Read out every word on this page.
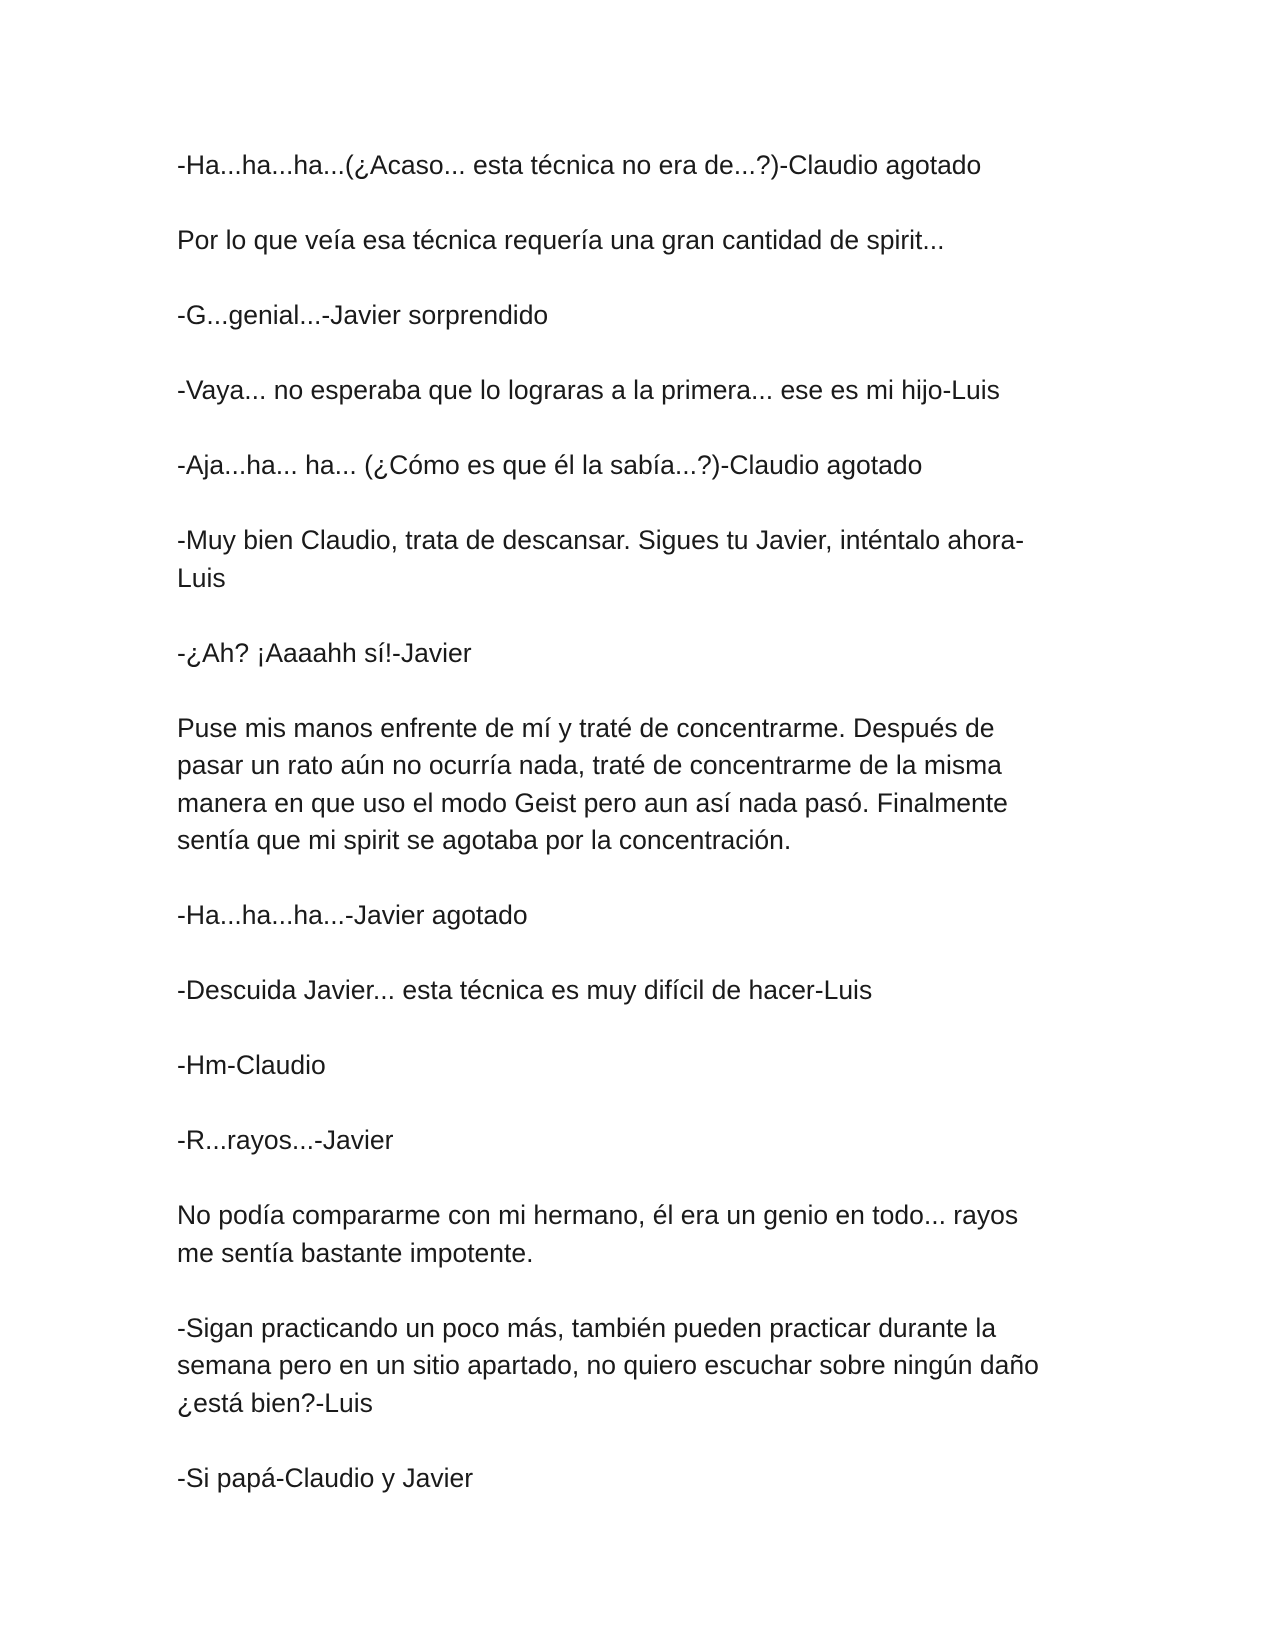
-Ha...ha...ha...(¿Acaso... esta técnica no era de...?)-Claudio agotado

Por lo que veía esa técnica requería una gran cantidad de spirit...

-G...genial...-Javier sorprendido

-Vaya... no esperaba que lo lograras a la primera... ese es mi hijo-Luis

-Aja...ha... ha... (¿Cómo es que él la sabía...?)-Claudio agotado

-Muy bien Claudio, trata de descansar. Sigues tu Javier, inténtalo ahora-
Luis

-¿Ah? ¡Aaaahh sí!-Javier

Puse mis manos enfrente de mí y traté de concentrarme. Después de
pasar un rato aún no ocurría nada, traté de concentrarme de la misma
manera en que uso el modo Geist pero aun así nada pasó. Finalmente
sentía que mi spirit se agotaba por la concentración.

-Ha...ha...ha...-Javier agotado

-Descuida Javier... esta técnica es muy difícil de hacer-Luis

-Hm-Claudio

-R...rayos...-Javier

No podía compararme con mi hermano, él era un genio en todo... rayos
me sentía bastante impotente.

-Sigan practicando un poco más, también pueden practicar durante la
semana pero en un sitio apartado, no quiero escuchar sobre ningún daño
¿está bien?-Luis

-Si papá-Claudio y Javier
